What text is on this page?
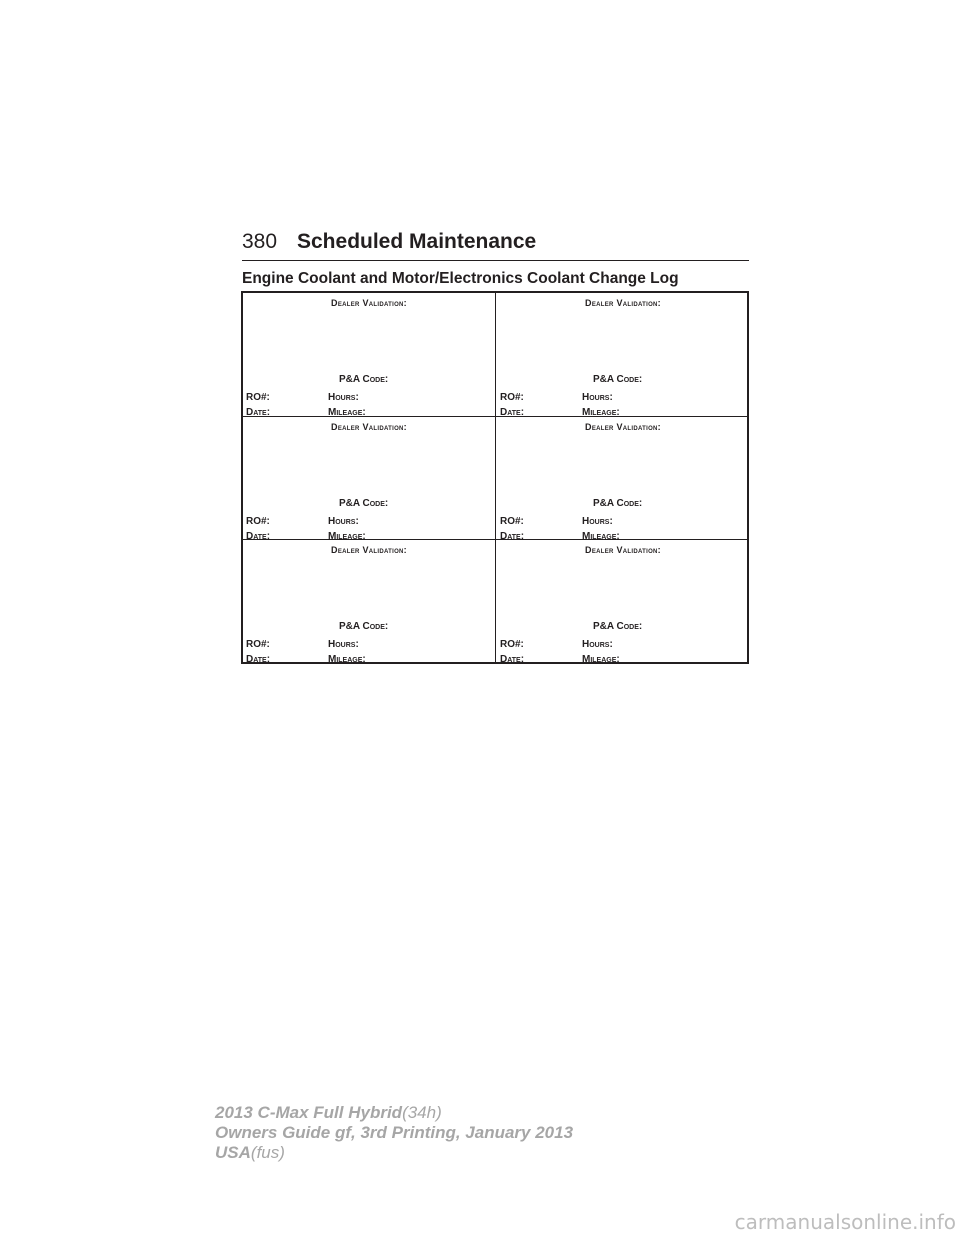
380 Scheduled Maintenance
Engine Coolant and Motor/Electronics Coolant Change Log
Dealer Validation:
P&A Code:
RO#:	Hours:
Date:	Mileage:
Dealer Validation:
P&A Code:
RO#:	Hours:
Date:	Mileage:
Dealer Validation:
P&A Code:
RO#:	Hours:
Date:	Mileage:
Dealer Validation:
P&A Code:
RO#:	Hours:
Date:	Mileage:
Dealer Validation:
P&A Code:
RO#:	Hours:
Date:	Mileage:
Dealer Validation:
P&A Code:
RO#:	Hours:
Date:	Mileage:
2013 C-Max Full Hybrid(34h)
Owners Guide gf, 3rd Printing, January 2013
USA(fus)
carmanualsonline.info
